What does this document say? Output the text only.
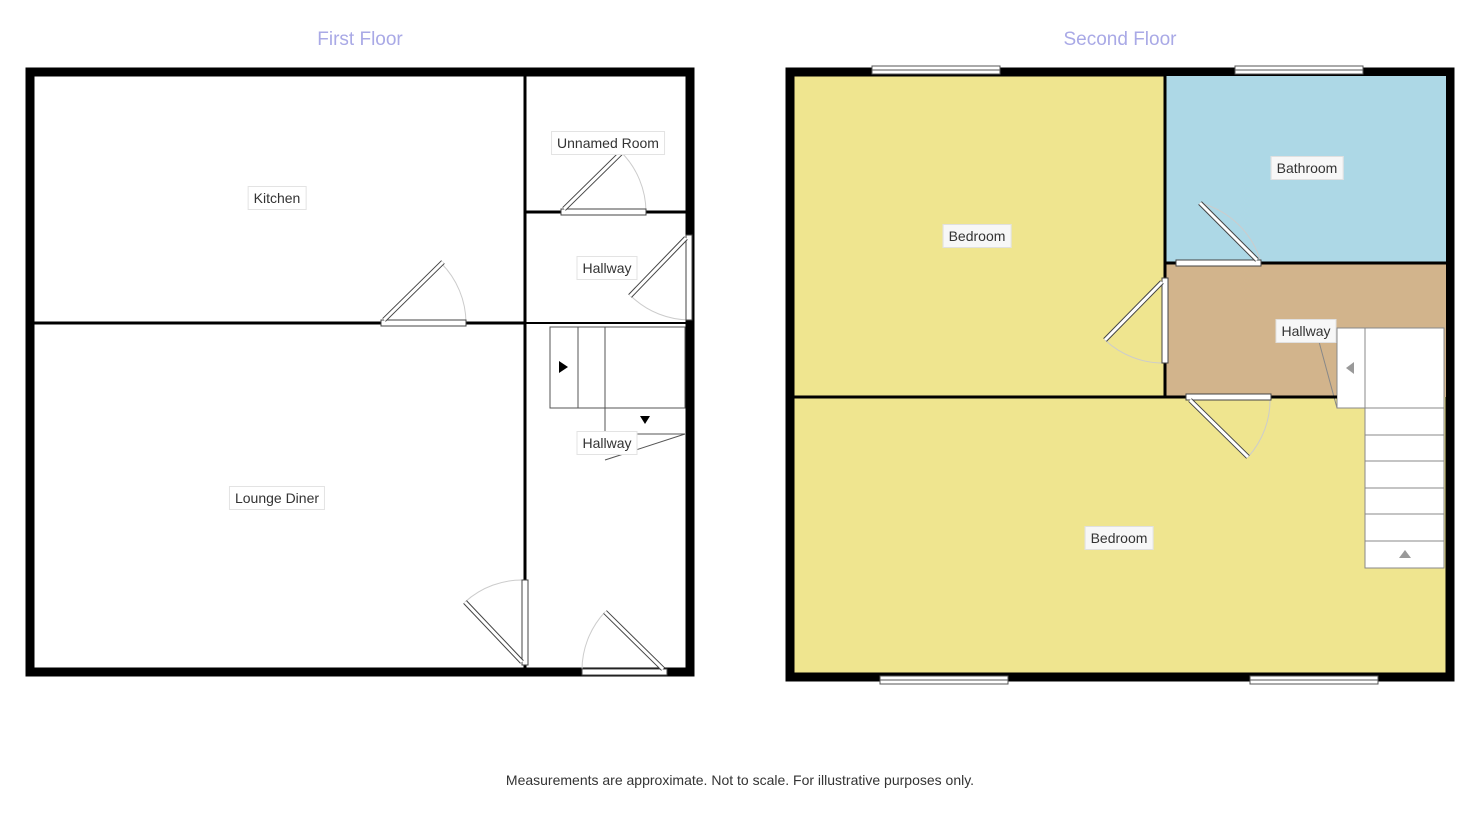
First Floor	Second Floor
Kitchen
Unnamed Room
Hallway
Hallway
Lounge Diner
Bedroom
Bathroom
Hallway
Bedroom
Measurements are approximate. Not to scale. For illustrative purposes only.
